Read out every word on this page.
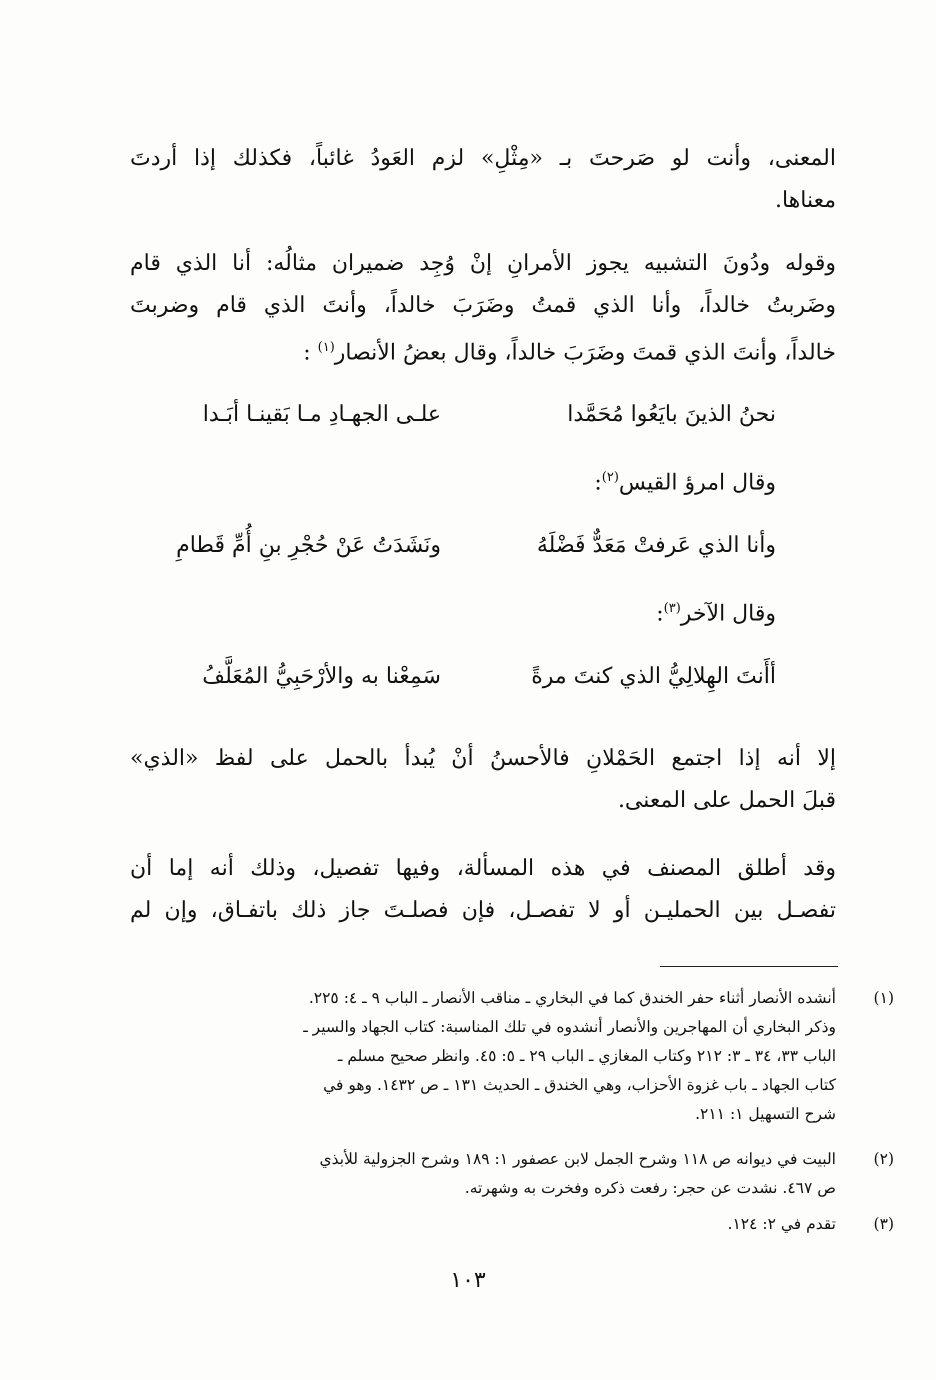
المعنى، وأنت لو صَرحتَ بـ «مِثْلِ» لزم العَودُ غائباً، فكذلك إذا أردتَ
معناها.
وقوله ودُونَ التشبيه يجوز الأمرانِ إنْ وُجِد ضميران مثالُه: أنا الذي قام
وضَربتُ خالداً، وأنا الذي قمتُ وضَرَبَ خالداً، وأنتَ الذي قام وضربتَ
خالداً، وأنتَ الذي قمتَ وضَرَبَ خالداً، وقال بعضُ الأنصار$^{(١)}$ :
نحنُ الذينَ بايَعُوا مُحَمَّدا
علـى الجهـادِ مـا بَقينـا أبَـدا
وقال امرؤ القيس$^{(٢)}$:
وأنا الذي عَرفتْ مَعَدٌّ فَضْلَهُ
ونَشَدَتُ عَنْ حُجْرِ بنِ أُمِّ قَطامِ
وقال الآخر$^{(٣)}$:
أأَنتَ الهِلالِيُّ الذي كنتَ مرةً
سَمِعْنا به والأرْحَبِيُّ المُعَلَّفُ
إلا أنه إذا اجتمع الحَمْلانِ فالأحسنُ أنْ يُبدأ بالحمل على لفظ «الذي»
قبلَ الحمل على المعنى.
وقد أطلق المصنف في هذه المسألة، وفيها تفصيل، وذلك أنه إما أن
تفصـل بين الحمليـن أو لا تفصـل، فإن فصلـتَ جاز ذلك باتفـاق، وإن لم
(١)
أنشده الأنصار أثناء حفر الخندق كما في البخاري ـ مناقب الأنصار ـ الباب ٩ ـ ٤: ٢٢٥.
وذكر البخاري أن المهاجرين والأنصار أنشدوه في تلك المناسبة: كتاب الجهاد والسير ـ
الباب ٣٣، ٣٤ ـ ٣: ٢١٢ وكتاب المغازي ـ الباب ٢٩ ـ ٥: ٤٥. وانظر صحيح مسلم ـ
كتاب الجهاد ـ باب غزوة الأحزاب، وهي الخندق ـ الحديث ١٣١ ـ ص ١٤٣٢. وهو في
شرح التسهيل ١: ٢١١.
(٢)
البيت في ديوانه ص ١١٨ وشرح الجمل لابن عصفور ١: ١٨٩ وشرح الجزولية للأبذي
ص ٤٦٧. نشدت عن حجر: رفعت ذكره وفخرت به وشهرته.
(٣)
تقدم في ٢: ١٢٤.
١٠٣
